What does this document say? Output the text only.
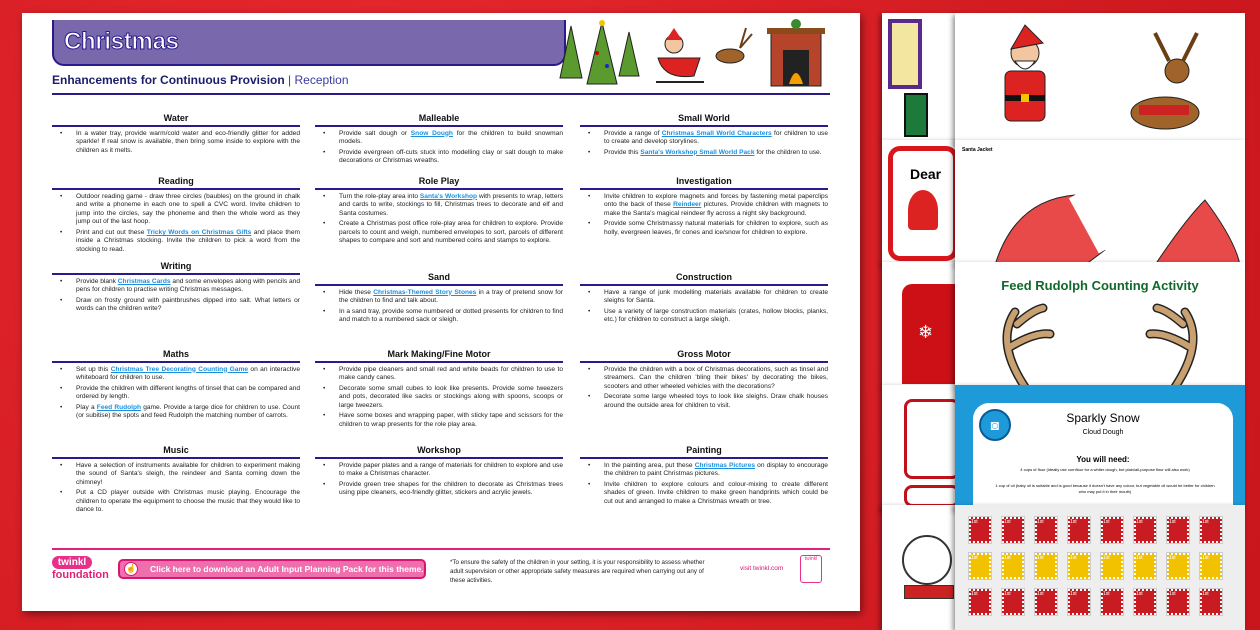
Christmas
Enhancements for Continuous Provision | Reception
Water
• In a water tray, provide warm/cold water and eco-friendly glitter for added sparkle! If real snow is available, then bring some inside to explore with the children as it melts.
Reading
• Outdoor reading game - draw three circles (baubles) on the ground in chalk and write a phoneme in each one to spell a CVC word. Invite children to jump into the circles, say the phoneme and then the whole word as they jump out of the last hoop.
• Print and cut out these Tricky Words on Christmas Gifts and place them inside a Christmas stocking. Invite the children to pick a word from the stocking to read.
Writing
• Provide blank Christmas Cards and some envelopes along with pencils and pens for children to practise writing Christmas messages.
• Draw on frosty ground with paintbrushes dipped into salt. What letters or words can the children write?
Maths
• Set up this Christmas Tree Decorating Counting Game on an interactive whiteboard for children to use.
• Provide the children with different lengths of tinsel that can be compared and ordered by length.
• Play a Feed Rudolph game. Provide a large dice for children to use. Count (or subitise) the spots and feed Rudolph the matching number of carrots.
Music
• Have a selection of instruments available for children to experiment making the sound of Santa's sleigh, the reindeer and Santa coming down the chimney!
• Put a CD player outside with Christmas music playing. Encourage the children to operate the equipment to choose the music that they would like to dance to.
Malleable
• Provide salt dough or Snow Dough for the children to build snowman models.
• Provide evergreen off-cuts stuck into modelling clay or salt dough to make decorations or Christmas wreaths.
Role Play
• Turn the role-play area into Santa's Workshop with presents to wrap, letters and cards to write, stockings to fill, Christmas trees to decorate and elf and Santa costumes.
• Create a Christmas post office role-play area for children to explore. Provide parcels to count and weigh, numbered envelopes to sort, parcels of different shapes to compare and sort and numbered coins and stamps to explore.
Sand
• Hide these Christmas-Themed Story Stones in a tray of pretend snow for the children to find and talk about.
• In a sand tray, provide some numbered or dotted presents for children to find and match to a numbered sack or sleigh.
Mark Making/Fine Motor
• Provide pipe cleaners and small red and white beads for children to use to make candy canes.
• Decorate some small cubes to look like presents. Provide some tweezers and pots, decorated like sacks or stockings along with spoons, scoops or large tweezers.
• Have some boxes and wrapping paper, with sticky tape and scissors for the children to wrap presents for the role play area.
Workshop
• Provide paper plates and a range of materials for children to explore and use to make a Christmas character.
• Provide green tree shapes for the children to decorate as Christmas trees using pipe cleaners, eco-friendly glitter, stickers and acrylic jewels.
Small World
• Provide a range of Christmas Small World Characters for children to use to create and develop storylines.
• Provide this Santa's Workshop Small World Pack for the children to use.
Investigation
• Invite children to explore magnets and forces by fastening metal paperclips onto the back of these Reindeer pictures. Provide children with magnets to make the Santa's magical reindeer fly across a night sky background.
• Provide some Christmassy natural materials for children to explore, such as holly, evergreen leaves, fir cones and ice/snow for children to explore.
Construction
• Have a range of junk modelling materials available for children to create sleighs for Santa.
• Use a variety of large construction materials (crates, hollow blocks, planks, etc.) for children to construct a large sleigh.
Gross Motor
• Provide the children with a box of Christmas decorations, such as tinsel and streamers. Can the children 'bling their bikes' by decorating the bikes, scooters and other wheeled vehicles with the decorations?
• Decorate some large wheeled toys to look like sleighs. Draw chalk houses around the outside area for children to visit.
Painting
• In the painting area, put these Christmas Pictures on display to encourage the children to paint Christmas pictures.
• Invite children to explore colours and colour-mixing to create different shades of green. Invite children to make green handprints which could be cut out and arranged to make a Christmas wreath or tree.
twinkl
foundation
☝ Click here to download an Adult Input Planning Pack for this theme.
*To ensure the safety of the children in your setting, it is your responsibility to assess whether adult supervision or other appropriate safety measures are required when carrying out any of these activities.
visit twinkl.com
twinkl
Dear
❄
Santa Jacket
Feed Rudolph Counting Activity
◙	Sparkly Snow
Cloud Dough
You will need:
4 cups of flour (ideally use cornflour for a whiter dough, but plain/all-purpose flour will also work)
1 cup of oil (baby oil is suitable and is good because it doesn't have any colour, but vegetable oil would be better for children who may put it in their mouth)
1st	1st	1st	1st	1st	1st	1st	1st
1st	1st	1st	1st	1st	1st	1st	1st
1st	1st	1st	1st	1st	1st	1st	1st
